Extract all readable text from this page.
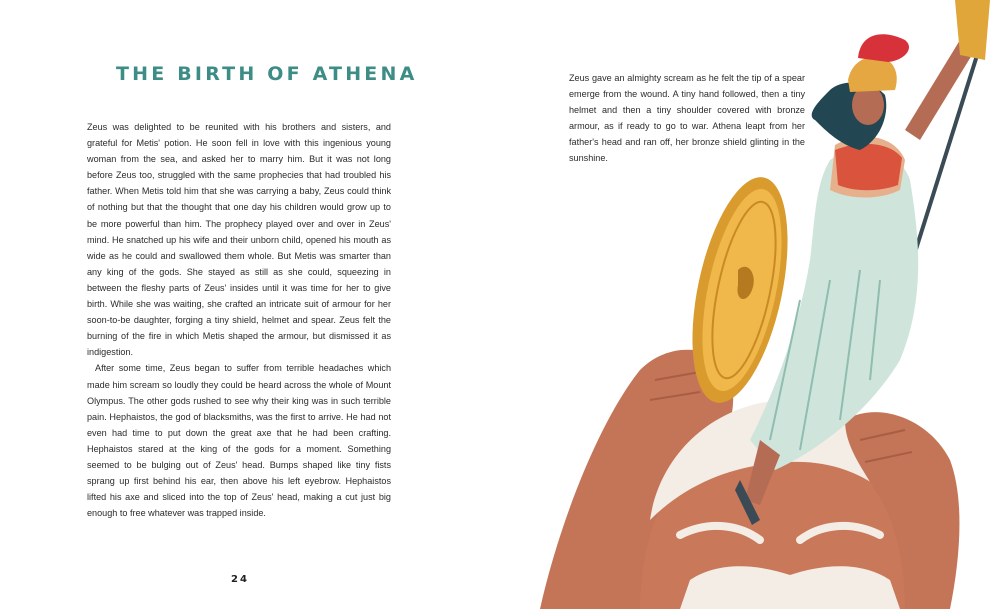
THE BIRTH OF ATHENA

Zeus was delighted to be reunited with his brothers and sisters, and grateful for Metis' potion. He soon fell in love with this ingenious young woman from the sea, and asked her to marry him. But it was not long before Zeus too, struggled with the same prophecies that had troubled his father. When Metis told him that she was carrying a baby, Zeus could think of nothing but that the thought that one day his children would grow up to be more powerful than him. The prophecy played over and over in Zeus' mind. He snatched up his wife and their unborn child, opened his mouth as wide as he could and swallowed them whole. But Metis was smarter than any king of the gods. She stayed as still as she could, squeezing in between the fleshy parts of Zeus' insides until it was time for her to give birth. While she was waiting, she crafted an intricate suit of armour for her soon-to-be daughter, forging a tiny shield, helmet and spear. Zeus felt the burning of the fire in which Metis shaped the armour, but dismissed it as indigestion.

After some time, Zeus began to suffer from terrible headaches which made him scream so loudly they could be heard across the whole of Mount Olympus. The other gods rushed to see why their king was in such terrible pain. Hephaistos, the god of blacksmiths, was the first to arrive. He had not even had time to put down the great axe that he had been crafting. Hephaistos stared at the king of the gods for a moment. Something seemed to be bulging out of Zeus' head. Bumps shaped like tiny fists sprang up first behind his ear, then above his left eyebrow. Hephaistos lifted his axe and sliced into the top of Zeus' head, making a cut just big enough to free whatever was trapped inside.

Zeus gave an almighty scream as he felt the tip of a spear emerge from the wound. A tiny hand followed, then a tiny helmet and then a tiny shoulder covered with bronze armour, as if ready to go to war. Athena leapt from her father's head and ran off, her bronze shield glinting in the sunshine.

24
